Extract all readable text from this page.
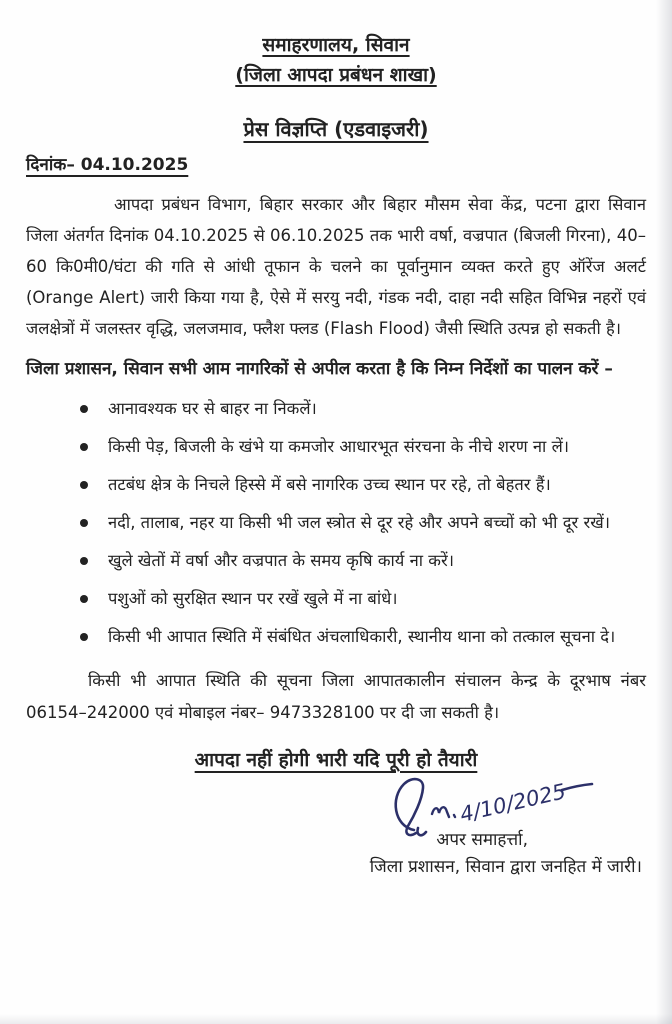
समाहरणालय, सिवान
(जिला आपदा प्रबंधन शाखा)
प्रेस विज्ञप्ति (एडवाइजरी)
दिनांक– 04.10.2025

आपदा प्रबंधन विभाग, बिहार सरकार और बिहार मौसम सेवा केंद्र, पटना द्वारा सिवान जिला अंतर्गत दिनांक 04.10.2025 से 06.10.2025 तक भारी वर्षा, वज्रपात (बिजली गिरना), 40–60 कि0मी0/घंटा की गति से आंधी तूफान के चलने का पूर्वानुमान व्यक्त करते हुए ऑरेंज अलर्ट (Orange Alert) जारी किया गया है, ऐसे में सरयु नदी, गंडक नदी, दाहा नदी सहित विभिन्न नहरों एवं जलक्षेत्रों में जलस्तर वृद्धि, जलजमाव, फ्लैश फ्लड (Flash Flood) जैसी स्थिति उत्पन्न हो सकती है।

जिला प्रशासन, सिवान सभी आम नागरिकों से अपील करता है कि निम्न निर्देशों का पालन करें –

आनावश्यक घर से बाहर ना निकलें।
किसी पेड़, बिजली के खंभे या कमजोर आधारभूत संरचना के नीचे शरण ना लें।
तटबंध क्षेत्र के निचले हिस्से में बसे नागरिक उच्च स्थान पर रहे, तो बेहतर हैं।
नदी, तालाब, नहर या किसी भी जल स्त्रोत से दूर रहे और अपने बच्चों को भी दूर रखें।
खुले खेतों में वर्षा और वज्रपात के समय कृषि कार्य ना करें।
पशुओं को सुरक्षित स्थान पर रखें खुले में ना बांधे।
किसी भी आपात स्थिति में संबंधित अंचलाधिकारी, स्थानीय थाना को तत्काल सूचना दे।

किसी भी आपात स्थिति की सूचना जिला आपातकालीन संचालन केन्द्र के दूरभाष नंबर 06154–242000 एवं मोबाइल नंबर– 9473328100 पर दी जा सकती है।

आपदा नहीं होगी भारी यदि पूरी हो तैयारी
4/10/2025
अपर समाहर्त्ता,
जिला प्रशासन, सिवान द्वारा जनहित में जारी।
